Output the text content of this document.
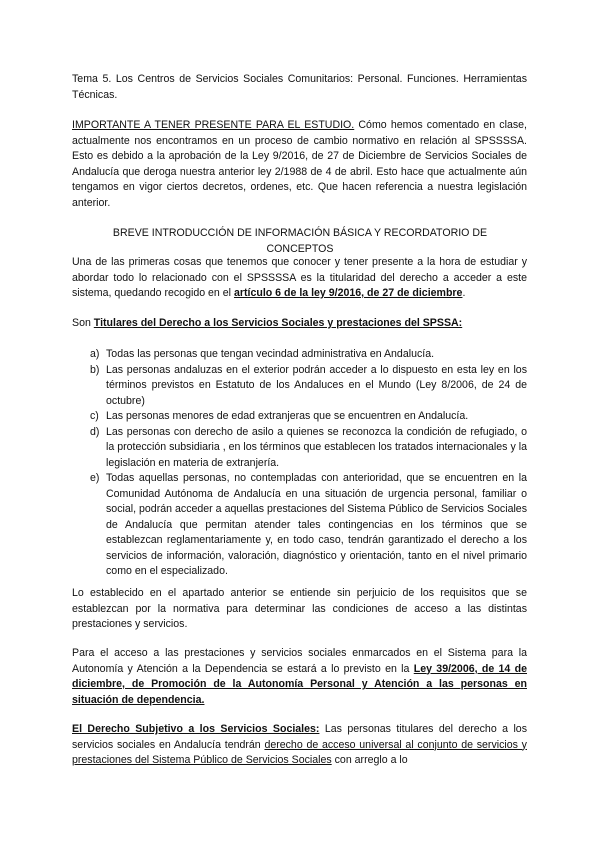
Tema 5. Los Centros de Servicios Sociales Comunitarios: Personal. Funciones. Herramientas Técnicas.

IMPORTANTE A TENER PRESENTE PARA EL ESTUDIO. Cómo hemos comentado en clase, actualmente nos encontramos en un proceso de cambio normativo en relación al SPSSSSA. Esto es debido a la aprobación de la Ley 9/2016, de 27 de Diciembre de Servicios Sociales de Andalucía que deroga nuestra anterior ley 2/1988 de 4 de abril. Esto hace que actualmente aún tengamos en vigor ciertos decretos, ordenes, etc. Que hacen referencia a nuestra legislación anterior.

BREVE INTRODUCCIÓN DE INFORMACIÓN BÁSICA Y RECORDATORIO DE CONCEPTOS

Una de las primeras cosas que tenemos que conocer y tener presente a la hora de estudiar y abordar todo lo relacionado con el SPSSSSA es la titularidad del derecho a acceder a este sistema, quedando recogido en el artículo 6 de la ley 9/2016, de 27 de diciembre.

Son Titulares del Derecho a los Servicios Sociales y prestaciones del SPSSA:

a) Todas las personas que tengan vecindad administrativa en Andalucía.
b) Las personas andaluzas en el exterior podrán acceder a lo dispuesto en esta ley en los términos previstos en Estatuto de los Andaluces en el Mundo (Ley 8/2006, de 24 de octubre)
c) Las personas menores de edad extranjeras que se encuentren en Andalucía.
d) Las personas con derecho de asilo a quienes se reconozca la condición de refugiado, o la protección subsidiaria , en los términos que establecen los tratados internacionales y la legislación en materia de extranjería.
e) Todas aquellas personas, no contempladas con anterioridad, que se encuentren en la Comunidad Autónoma de Andalucía en una situación de urgencia personal, familiar o social, podrán acceder a aquellas prestaciones del Sistema Público de Servicios Sociales de Andalucía que permitan atender tales contingencias en los términos que se establezcan reglamentariamente y, en todo caso, tendrán garantizado el derecho a los servicios de información, valoración, diagnóstico y orientación, tanto en el nivel primario como en el especializado.

Lo establecido en el apartado anterior se entiende sin perjuicio de los requisitos que se establezcan por la normativa para determinar las condiciones de acceso a las distintas prestaciones y servicios.

Para el acceso a las prestaciones y servicios sociales enmarcados en el Sistema para la Autonomía y Atención a la Dependencia se estará a lo previsto en la Ley 39/2006, de 14 de diciembre, de Promoción de la Autonomía Personal y Atención a las personas en situación de dependencia.

El Derecho Subjetivo a los Servicios Sociales: Las personas titulares del derecho a los servicios sociales en Andalucía tendrán derecho de acceso universal al conjunto de servicios y prestaciones del Sistema Público de Servicios Sociales con arreglo a lo
